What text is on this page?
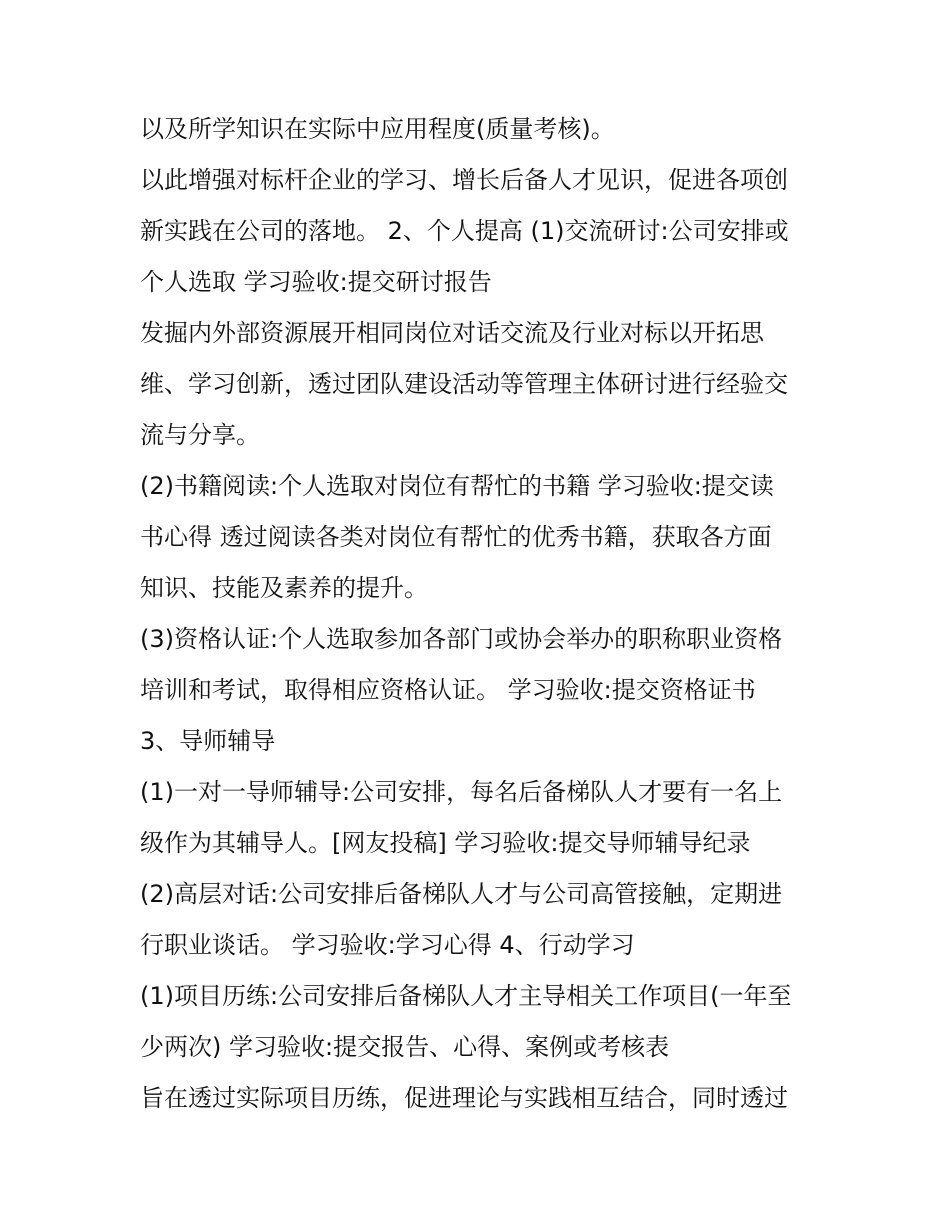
以及所学知识在实际中应用程度(质量考核)。
以此增强对标杆企业的学习、增长后备人才见识，促进各项创
新实践在公司的落地。 2、个人提高 (1)交流研讨:公司安排或
个人选取 学习验收:提交研讨报告
发掘内外部资源展开相同岗位对话交流及行业对标以开拓思
维、学习创新，透过团队建设活动等管理主体研讨进行经验交
流与分享。
(2)书籍阅读:个人选取对岗位有帮忙的书籍 学习验收:提交读
书心得 透过阅读各类对岗位有帮忙的优秀书籍，获取各方面
知识、技能及素养的提升。
(3)资格认证:个人选取参加各部门或协会举办的职称职业资格
培训和考试，取得相应资格认证。 学习验收:提交资格证书
3、导师辅导
(1)一对一导师辅导:公司安排，每名后备梯队人才要有一名上
级作为其辅导人。[网友投稿] 学习验收:提交导师辅导纪录
(2)高层对话:公司安排后备梯队人才与公司高管接触，定期进
行职业谈话。 学习验收:学习心得 4、行动学习
(1)项目历练:公司安排后备梯队人才主导相关工作项目(一年至
少两次) 学习验收:提交报告、心得、案例或考核表
旨在透过实际项目历练，促进理论与实践相互结合，同时透过
